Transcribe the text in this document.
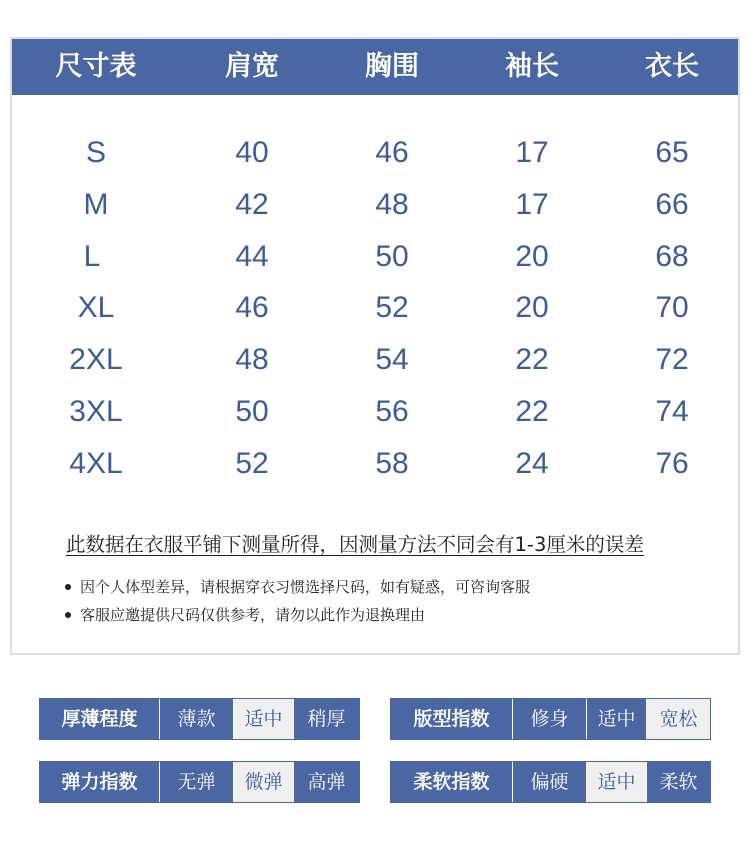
尺寸表	肩宽	胸围	袖长	衣长
S	40	46	17	65
M	42	48	17	66
L	44	50	20	68
XL	46	52	20	70
2XL	48	54	22	72
3XL	50	56	22	74
4XL	52	58	24	76
此数据在衣服平铺下测量所得，因测量方法不同会有1-3厘米的误差
因个人体型差异，请根据穿衣习惯选择尺码，如有疑惑，可咨询客服
客服应邀提供尺码仅供参考，请勿以此作为退换理由
厚薄程度	薄款	适中	稍厚	版型指数	修身	适中	宽松
弹力指数	无弹	微弹	高弹	柔软指数	偏硬	适中	柔软
